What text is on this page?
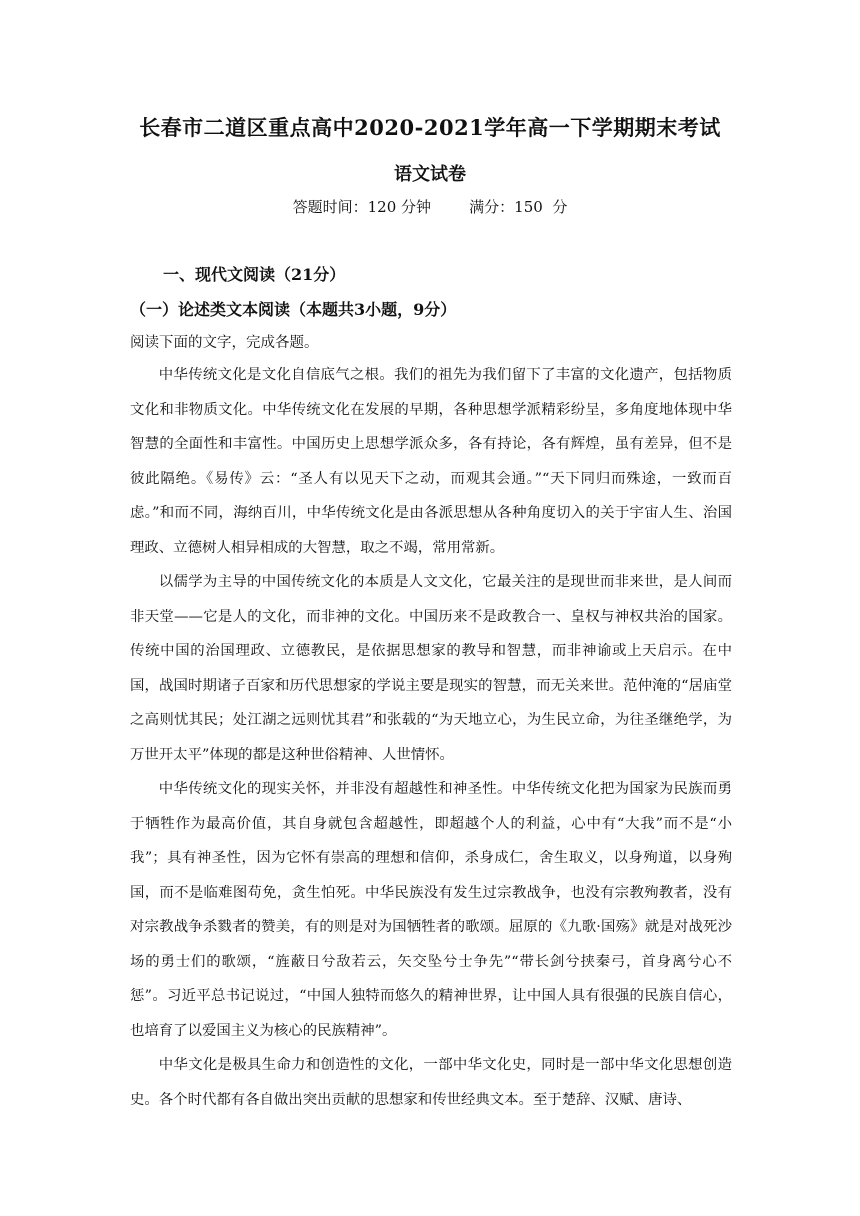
长春市二道区重点高中2020-2021学年高一下学期期末考试
语文试卷
答题时间：120 分钟        满分：150  分
一、现代文阅读（21分）
（一）论述类文本阅读（本题共3小题，9分）
阅读下面的文字，完成各题。

中华传统文化是文化自信底气之根。我们的祖先为我们留下了丰富的文化遗产，包括物质文化和非物质文化。中华传统文化在发展的早期，各种思想学派精彩纷呈，多角度地体现中华智慧的全面性和丰富性。中国历史上思想学派众多，各有持论，各有辉煌，虽有差异，但不是彼此隔绝。《易传》云：“圣人有以见天下之动，而观其会通。”“天下同归而殊途，一致而百虑。”和而不同，海纳百川，中华传统文化是由各派思想从各种角度切入的关于宇宙人生、治国理政、立德树人相异相成的大智慧，取之不竭，常用常新。

以儒学为主导的中国传统文化的本质是人文文化，它最关注的是现世而非来世，是人间而非天堂——它是人的文化，而非神的文化。中国历来不是政教合一、皇权与神权共治的国家。传统中国的治国理政、立德教民，是依据思想家的教导和智慧，而非神谕或上天启示。在中国，战国时期诸子百家和历代思想家的学说主要是现实的智慧，而无关来世。范仲淹的“居庙堂之高则忧其民；处江湖之远则忧其君”和张载的“为天地立心，为生民立命，为往圣继绝学，为万世开太平”体现的都是这种世俗精神、人世情怀。

中华传统文化的现实关怀，并非没有超越性和神圣性。中华传统文化把为国家为民族而勇于牺牲作为最高价值，其自身就包含超越性，即超越个人的利益，心中有“大我”而不是“小我”；具有神圣性，因为它怀有崇高的理想和信仰，杀身成仁，舍生取义，以身殉道，以身殉国，而不是临难图苟免，贪生怕死。中华民族没有发生过宗教战争，也没有宗教殉教者，没有对宗教战争杀戮者的赞美，有的则是对为国牺牲者的歌颂。屈原的《九歌·国殇》就是对战死沙场的勇士们的歌颂，“旌蔽日兮敌若云，矢交坠兮士争先”“带长剑兮挟秦弓，首身离兮心不惩”。习近平总书记说过，“中国人独特而悠久的精神世界，让中国人具有很强的民族自信心，也培育了以爱国主义为核心的民族精神”。

中华文化是极具生命力和创造性的文化，一部中华文化史，同时是一部中华文化思想创造史。各个时代都有各自做出突出贡献的思想家和传世经典文本。至于楚辞、汉赋、唐诗、
